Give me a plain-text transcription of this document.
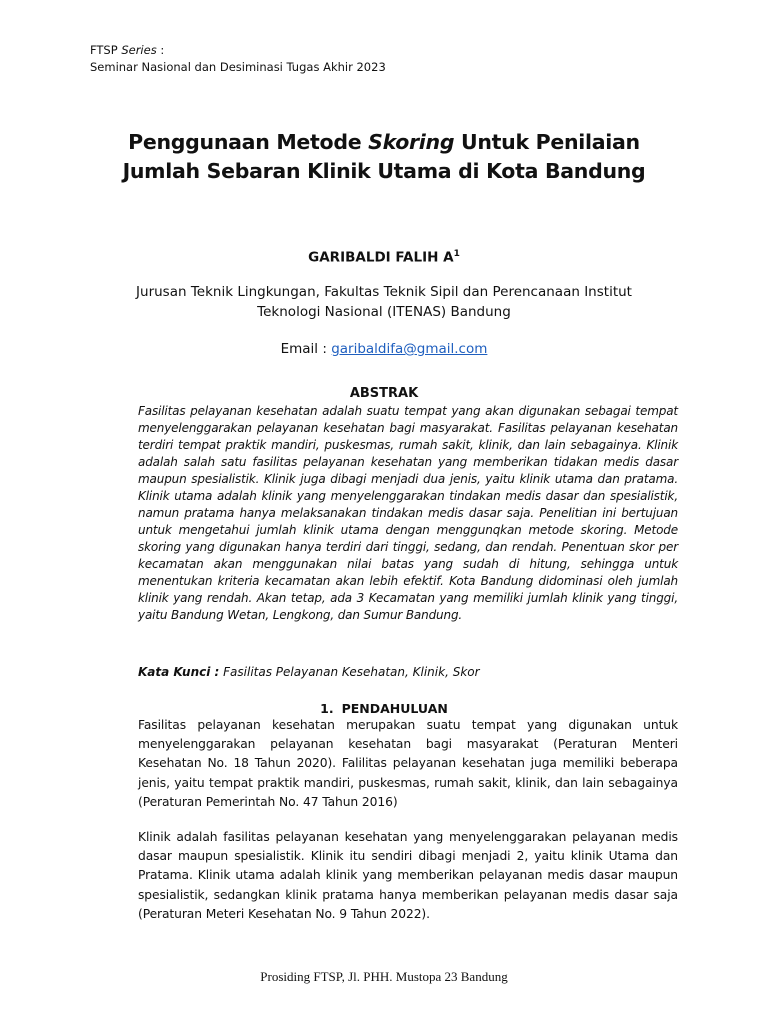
FTSP Series :
Seminar Nasional dan Desiminasi Tugas Akhir 2023
Penggunaan Metode Skoring Untuk Penilaian Jumlah Sebaran Klinik Utama di Kota Bandung
GARIBALDI FALIH $A^1$
Jurusan Teknik Lingkungan, Fakultas Teknik Sipil dan Perencanaan Institut Teknologi Nasional (ITENAS) Bandung
Email : garibaldifa@gmail.com
ABSTRAK
Fasilitas pelayanan kesehatan adalah suatu tempat yang akan digunakan sebagai tempat menyelenggarakan pelayanan kesehatan bagi masyarakat. Fasilitas pelayanan kesehatan terdiri tempat praktik mandiri, puskesmas, rumah sakit, klinik, dan lain sebagainya. Klinik adalah salah satu fasilitas pelayanan kesehatan yang memberikan tidakan medis dasar maupun spesialistik. Klinik juga dibagi menjadi dua jenis, yaitu klinik utama dan pratama. Klinik utama adalah klinik yang menyelenggarakan tindakan medis dasar dan spesialistik, namun pratama hanya melaksanakan tindakan medis dasar saja. Penelitian ini bertujuan untuk mengetahui jumlah klinik utama dengan menggunqkan metode skoring. Metode skoring yang digunakan hanya terdiri dari tinggi, sedang, dan rendah. Penentuan skor per kecamatan akan menggunakan nilai batas yang sudah di hitung, sehingga untuk menentukan kriteria kecamatan akan lebih efektif. Kota Bandung didominasi oleh jumlah klinik yang rendah. Akan tetap, ada 3 Kecamatan yang memiliki jumlah klinik yang tinggi, yaitu Bandung Wetan, Lengkong, dan Sumur Bandung.
Kata Kunci : Fasilitas Pelayanan Kesehatan, Klinik, Skor
1. PENDAHULUAN
Fasilitas pelayanan kesehatan merupakan suatu tempat yang digunakan untuk menyelenggarakan pelayanan kesehatan bagi masyarakat (Peraturan Menteri Kesehatan No. 18 Tahun 2020). Falilitas pelayanan kesehatan juga memiliki beberapa jenis, yaitu tempat praktik mandiri, puskesmas, rumah sakit, klinik, dan lain sebagainya (Peraturan Pemerintah No. 47 Tahun 2016)
Klinik adalah fasilitas pelayanan kesehatan yang menyelenggarakan pelayanan medis dasar maupun spesialistik. Klinik itu sendiri dibagi menjadi 2, yaitu klinik Utama dan Pratama. Klinik utama adalah klinik yang memberikan pelayanan medis dasar maupun spesialistik, sedangkan klinik pratama hanya memberikan pelayanan medis dasar saja (Peraturan Meteri Kesehatan No. 9 Tahun 2022).
Prosiding FTSP, Jl. PHH. Mustopa 23 Bandung
